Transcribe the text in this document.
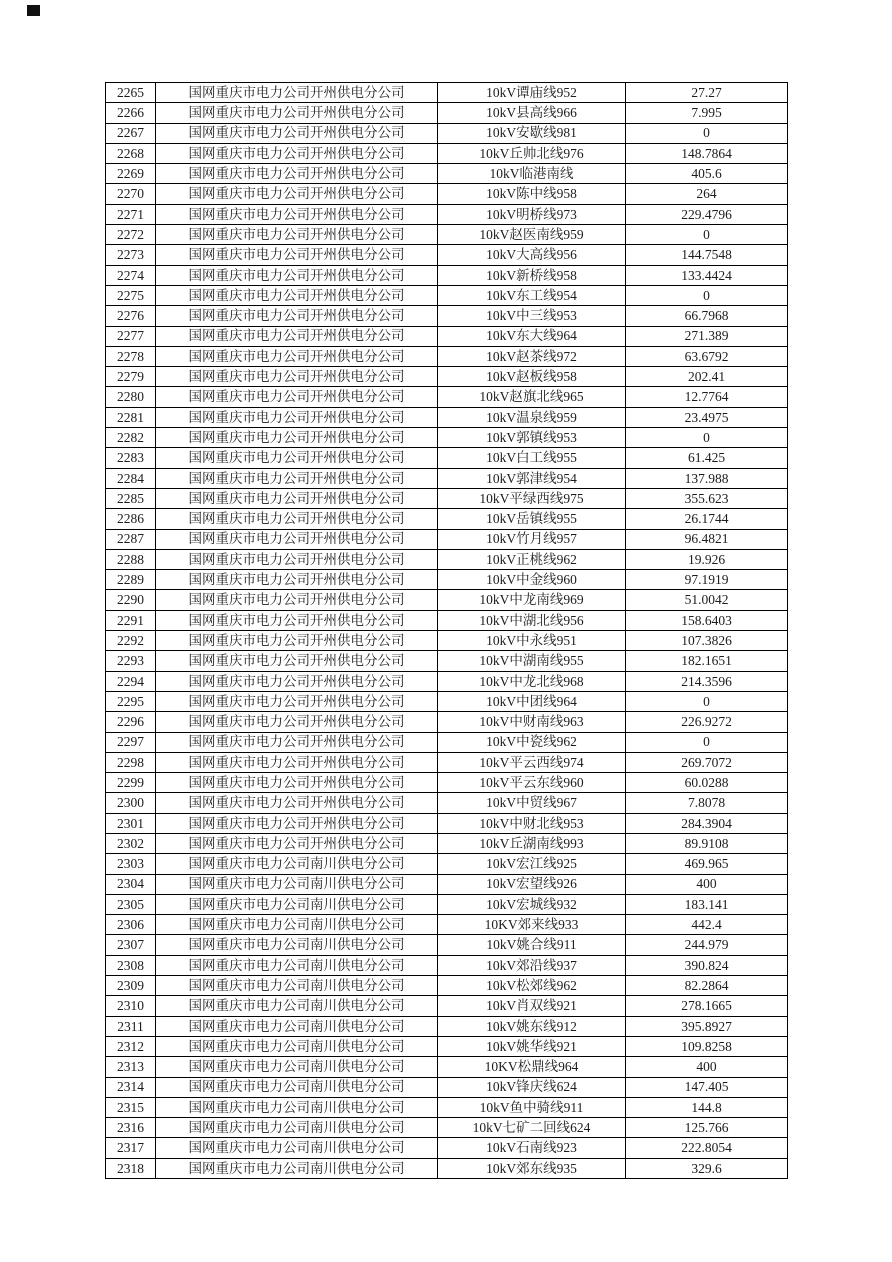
2265	国网重庆市电力公司开州供电分公司	10kV谭庙线952	27.27
2266	国网重庆市电力公司开州供电分公司	10kV县高线966	7.995
2267	国网重庆市电力公司开州供电分公司	10kV安歇线981	0
2268	国网重庆市电力公司开州供电分公司	10kV丘帅北线976	148.7864
2269	国网重庆市电力公司开州供电分公司	10kV临港南线	405.6
2270	国网重庆市电力公司开州供电分公司	10kV陈中线958	264
2271	国网重庆市电力公司开州供电分公司	10kV明桥线973	229.4796
2272	国网重庆市电力公司开州供电分公司	10kV赵医南线959	0
2273	国网重庆市电力公司开州供电分公司	10kV大高线956	144.7548
2274	国网重庆市电力公司开州供电分公司	10kV新桥线958	133.4424
2275	国网重庆市电力公司开州供电分公司	10kV东工线954	0
2276	国网重庆市电力公司开州供电分公司	10kV中三线953	66.7968
2277	国网重庆市电力公司开州供电分公司	10kV东大线964	271.389
2278	国网重庆市电力公司开州供电分公司	10kV赵茶线972	63.6792
2279	国网重庆市电力公司开州供电分公司	10kV赵板线958	202.41
2280	国网重庆市电力公司开州供电分公司	10kV赵旗北线965	12.7764
2281	国网重庆市电力公司开州供电分公司	10kV温泉线959	23.4975
2282	国网重庆市电力公司开州供电分公司	10kV郭镇线953	0
2283	国网重庆市电力公司开州供电分公司	10kV白工线955	61.425
2284	国网重庆市电力公司开州供电分公司	10kV郭津线954	137.988
2285	国网重庆市电力公司开州供电分公司	10kV平绿西线975	355.623
2286	国网重庆市电力公司开州供电分公司	10kV岳镇线955	26.1744
2287	国网重庆市电力公司开州供电分公司	10kV竹月线957	96.4821
2288	国网重庆市电力公司开州供电分公司	10kV正桃线962	19.926
2289	国网重庆市电力公司开州供电分公司	10kV中金线960	97.1919
2290	国网重庆市电力公司开州供电分公司	10kV中龙南线969	51.0042
2291	国网重庆市电力公司开州供电分公司	10kV中湖北线956	158.6403
2292	国网重庆市电力公司开州供电分公司	10kV中永线951	107.3826
2293	国网重庆市电力公司开州供电分公司	10kV中湖南线955	182.1651
2294	国网重庆市电力公司开州供电分公司	10kV中龙北线968	214.3596
2295	国网重庆市电力公司开州供电分公司	10kV中团线964	0
2296	国网重庆市电力公司开州供电分公司	10kV中财南线963	226.9272
2297	国网重庆市电力公司开州供电分公司	10kV中瓷线962	0
2298	国网重庆市电力公司开州供电分公司	10kV平云西线974	269.7072
2299	国网重庆市电力公司开州供电分公司	10kV平云东线960	60.0288
2300	国网重庆市电力公司开州供电分公司	10kV中贸线967	7.8078
2301	国网重庆市电力公司开州供电分公司	10kV中财北线953	284.3904
2302	国网重庆市电力公司开州供电分公司	10kV丘湖南线993	89.9108
2303	国网重庆市电力公司南川供电分公司	10kV宏江线925	469.965
2304	国网重庆市电力公司南川供电分公司	10kV宏望线926	400
2305	国网重庆市电力公司南川供电分公司	10kV宏城线932	183.141
2306	国网重庆市电力公司南川供电分公司	10KV郊来线933	442.4
2307	国网重庆市电力公司南川供电分公司	10kV姚合线911	244.979
2308	国网重庆市电力公司南川供电分公司	10kV郊沿线937	390.824
2309	国网重庆市电力公司南川供电分公司	10kV松郊线962	82.2864
2310	国网重庆市电力公司南川供电分公司	10kV肖双线921	278.1665
2311	国网重庆市电力公司南川供电分公司	10kV姚东线912	395.8927
2312	国网重庆市电力公司南川供电分公司	10kV姚华线921	109.8258
2313	国网重庆市电力公司南川供电分公司	10KV松鼎线964	400
2314	国网重庆市电力公司南川供电分公司	10kV锋庆线624	147.405
2315	国网重庆市电力公司南川供电分公司	10kV鱼中骑线911	144.8
2316	国网重庆市电力公司南川供电分公司	10kV七矿二回线624	125.766
2317	国网重庆市电力公司南川供电分公司	10kV石南线923	222.8054
2318	国网重庆市电力公司南川供电分公司	10kV郊东线935	329.6
